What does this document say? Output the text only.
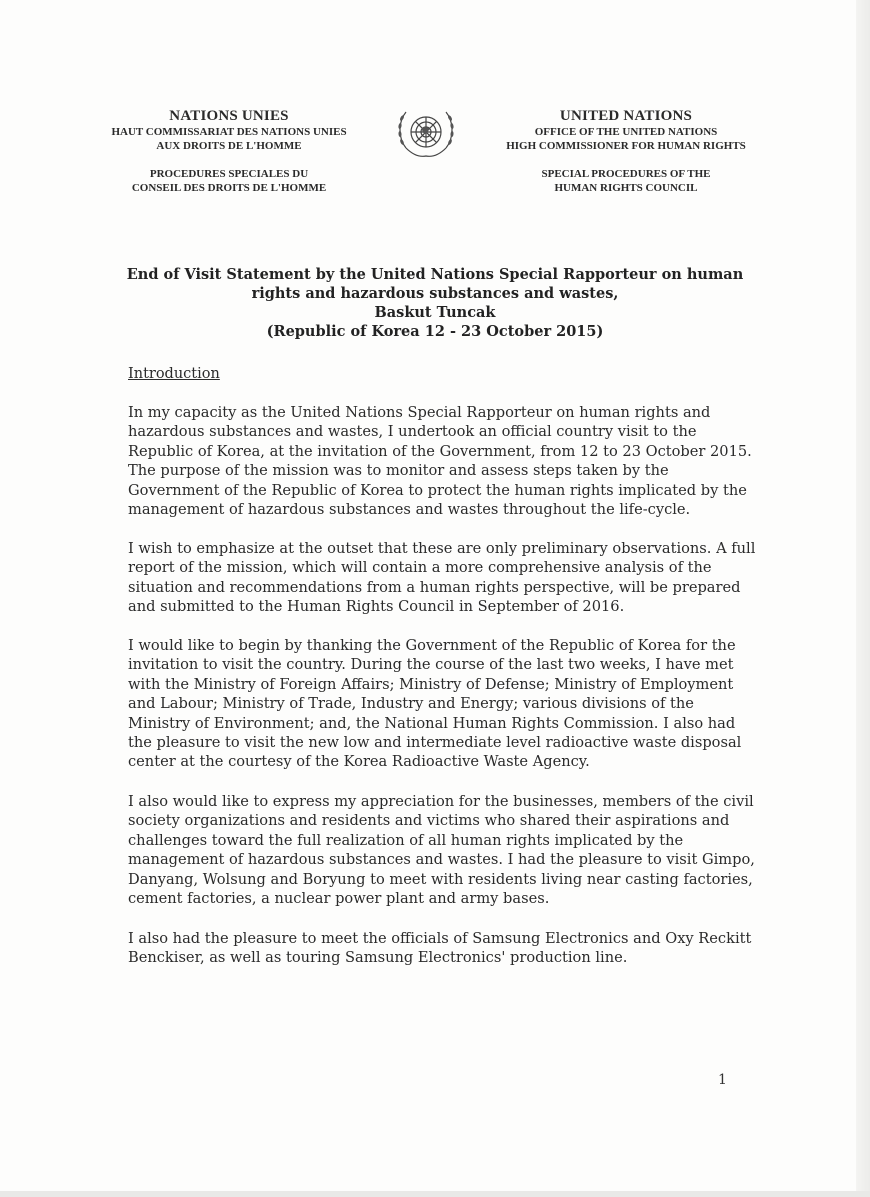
NATIONS UNIES
HAUT COMMISSARIAT DES NATIONS UNIES
AUX DROITS DE L'HOMME
PROCEDURES SPECIALES DU
CONSEIL DES DROITS DE L'HOMME
UNITED NATIONS
OFFICE OF THE UNITED NATIONS
HIGH COMMISSIONER FOR HUMAN RIGHTS
SPECIAL PROCEDURES OF THE
HUMAN RIGHTS COUNCIL
End of Visit Statement by the United Nations Special Rapporteur on human
rights and hazardous substances and wastes,
Baskut Tuncak
(Republic of Korea 12 - 23 October 2015)
Introduction
In my capacity as the United Nations Special Rapporteur on human rights and
hazardous substances and wastes, I undertook an official country visit to the
Republic of Korea, at the invitation of the Government, from 12 to 23 October 2015.
The purpose of the mission was to monitor and assess steps taken by the
Government of the Republic of Korea to protect the human rights implicated by the
management of hazardous substances and wastes throughout the life-cycle.
I wish to emphasize at the outset that these are only preliminary observations. A full
report of the mission, which will contain a more comprehensive analysis of the
situation and recommendations from a human rights perspective, will be prepared
and submitted to the Human Rights Council in September of 2016.
I would like to begin by thanking the Government of the Republic of Korea for the
invitation to visit the country. During the course of the last two weeks, I have met
with the Ministry of Foreign Affairs; Ministry of Defense; Ministry of Employment
and Labour; Ministry of Trade, Industry and Energy; various divisions of the
Ministry of Environment; and, the National Human Rights Commission. I also had
the pleasure to visit the new low and intermediate level radioactive waste disposal
center at the courtesy of the Korea Radioactive Waste Agency.
I also would like to express my appreciation for the businesses, members of the civil
society organizations and residents and victims who shared their aspirations and
challenges toward the full realization of all human rights implicated by the
management of hazardous substances and wastes. I had the pleasure to visit Gimpo,
Danyang, Wolsung and Boryung to meet with residents living near casting factories,
cement factories, a nuclear power plant and army bases.
I also had the pleasure to meet the officials of Samsung Electronics and Oxy Reckitt
Benckiser, as well as touring Samsung Electronics' production line.
1
